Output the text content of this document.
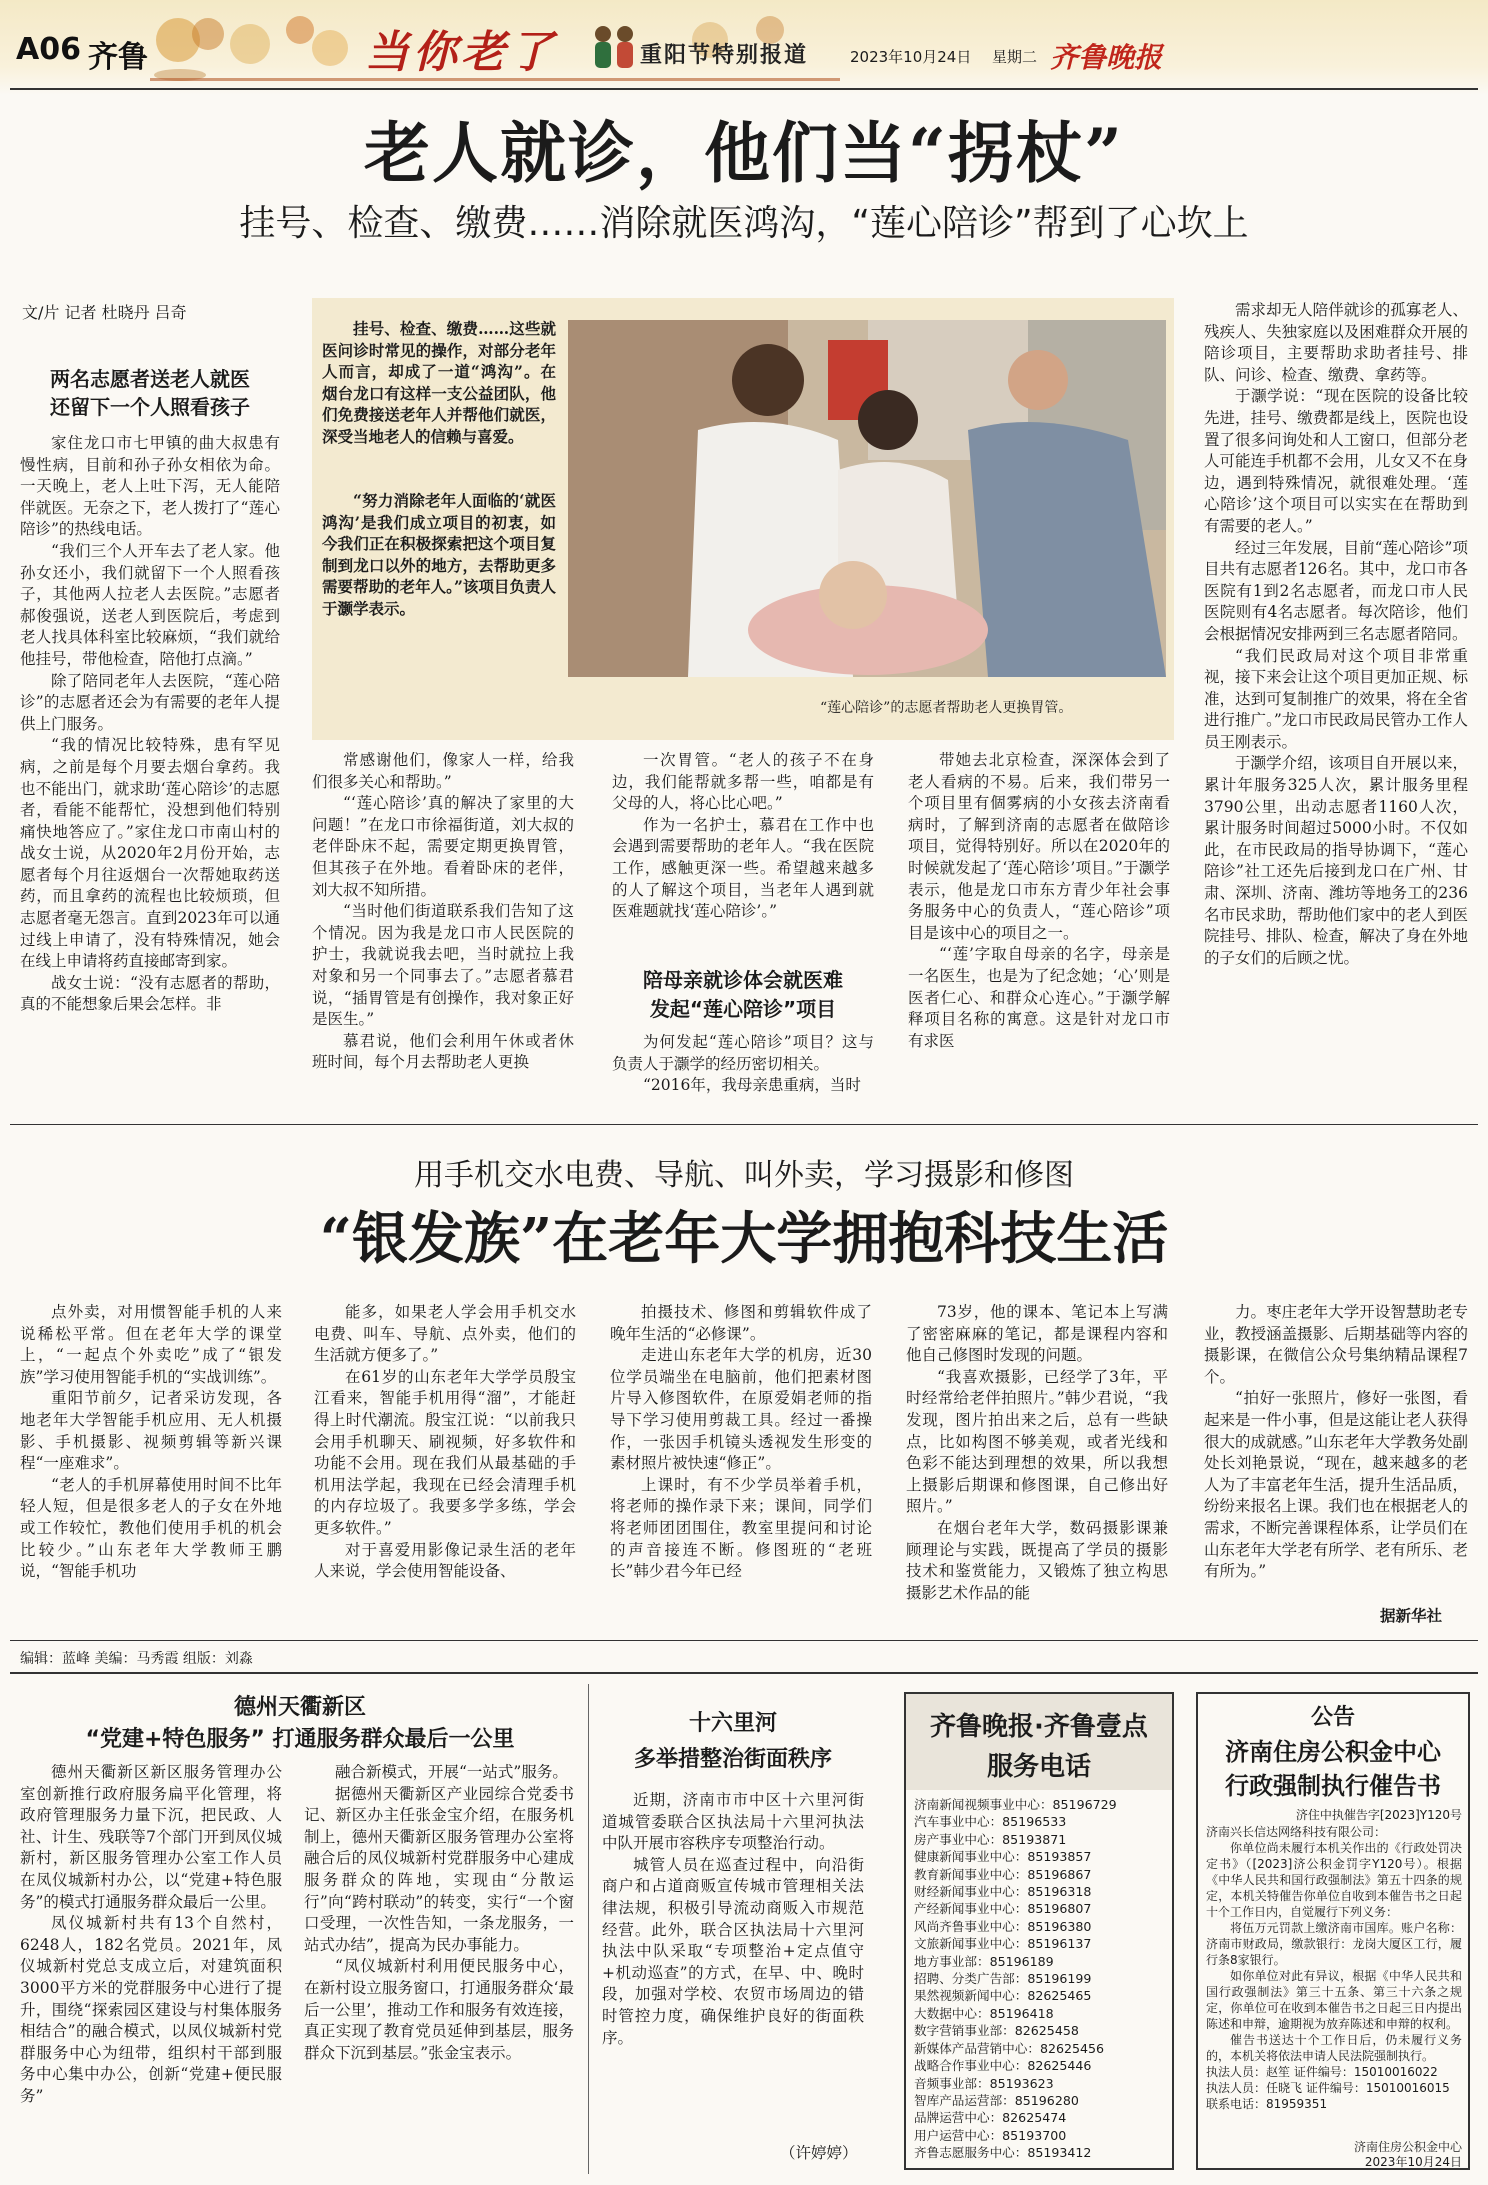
A06 齐鲁	当你老了	重阳节特别报道	2023年10月24日 星期二 齐鲁晚报
老人就诊，他们当“拐杖”
挂号、检查、缴费……消除就医鸿沟，“莲心陪诊”帮到了心坎上
文/片 记者 杜晓丹 吕奇
两名志愿者送老人就医
还留下一个人照看孩子

家住龙口市七甲镇的曲大叔患有慢性病，目前和孙子孙女相依为命。一天晚上，老人上吐下泻，无人能陪伴就医。无奈之下，老人拨打了“莲心陪诊”的热线电话。

“我们三个人开车去了老人家。他孙女还小，我们就留下一个人照看孩子，其他两人拉老人去医院。”志愿者郝俊强说，送老人到医院后，考虑到老人找具体科室比较麻烦，“我们就给他挂号，带他检查，陪他打点滴。”

除了陪同老年人去医院，“莲心陪诊”的志愿者还会为有需要的老年人提供上门服务。

“我的情况比较特殊，患有罕见病，之前是每个月要去烟台拿药。我也不能出门，就求助‘莲心陪诊’的志愿者，看能不能帮忙，没想到他们特别痛快地答应了。”家住龙口市南山村的战女士说，从2020年2月份开始，志愿者每个月往返烟台一次帮她取药送药，而且拿药的流程也比较烦琐，但志愿者毫无怨言。直到2023年可以通过线上申请了，没有特殊情况，她会在线上申请将药直接邮寄到家。

战女士说：“没有志愿者的帮助，真的不能想象后果会怎样。非

挂号、检查、缴费……这些就医问诊时常见的操作，对部分老年人而言，却成了一道“鸿沟”。在烟台龙口有这样一支公益团队，他们免费接送老年人并帮他们就医，深受当地老人的信赖与喜爱。

“努力消除老年人面临的‘就医鸿沟’是我们成立项目的初衷，如今我们正在积极探索把这个项目复制到龙口以外的地方，去帮助更多需要帮助的老年人。”该项目负责人于灏学表示。

“莲心陪诊”的志愿者帮助老人更换胃管。

常感谢他们，像家人一样，给我们很多关心和帮助。”

“‘莲心陪诊’真的解决了家里的大问题！”在龙口市徐福街道，刘大叔的老伴卧床不起，需要定期更换胃管，但其孩子在外地。看着卧床的老伴，刘大叔不知所措。

“当时他们街道联系我们告知了这个情况。因为我是龙口市人民医院的护士，我就说我去吧，当时就拉上我对象和另一个同事去了。”志愿者慕君说，“插胃管是有创操作，我对象正好是医生。”

慕君说，他们会利用午休或者休班时间，每个月去帮助老人更换

一次胃管。“老人的孩子不在身边，我们能帮就多帮一些，咱都是有父母的人，将心比心吧。”

作为一名护士，慕君在工作中也会遇到需要帮助的老年人。“我在医院工作，感触更深一些。希望越来越多的人了解这个项目，当老年人遇到就医难题就找‘莲心陪诊’。”

陪母亲就诊体会就医难
发起“莲心陪诊”项目

为何发起“莲心陪诊”项目？这与负责人于灏学的经历密切相关。

“2016年，我母亲患重病，当时

带她去北京检查，深深体会到了老人看病的不易。后来，我们带另一个项目里有個雾病的小女孩去济南看病时，了解到济南的志愿者在做陪诊项目，觉得特别好。所以在2020年的时候就发起了‘莲心陪诊’项目。”于灏学表示，他是龙口市东方青少年社会事务服务中心的负责人，“莲心陪诊”项目是该中心的项目之一。

“‘莲’字取自母亲的名字，母亲是一名医生，也是为了纪念她；‘心’则是医者仁心、和群众心连心。”于灏学解释项目名称的寓意。这是针对龙口市有求医

需求却无人陪伴就诊的孤寡老人、残疾人、失独家庭以及困难群众开展的陪诊项目，主要帮助求助者挂号、排队、问诊、检查、缴费、拿药等。

于灏学说：“现在医院的设备比较先进，挂号、缴费都是线上，医院也设置了很多问询处和人工窗口，但部分老人可能连手机都不会用，儿女又不在身边，遇到特殊情况，就很难处理。‘莲心陪诊’这个项目可以实实在在帮助到有需要的老人。”

经过三年发展，目前“莲心陪诊”项目共有志愿者126名。其中，龙口市各医院有1到2名志愿者，而龙口市人民医院则有4名志愿者。每次陪诊，他们会根据情况安排两到三名志愿者陪同。

“我们民政局对这个项目非常重视，接下来会让这个项目更加正规、标准，达到可复制推广的效果，将在全省进行推广。”龙口市民政局民管办工作人员王刚表示。

于灏学介绍，该项目自开展以来，累计年服务325人次，累计服务里程3790公里，出动志愿者1160人次，累计服务时间超过5000小时。不仅如此，在市民政局的指导协调下，“莲心陪诊”社工还先后接到龙口在广州、甘肃、深圳、济南、潍坊等地务工的236名市民求助，帮助他们家中的老人到医院挂号、排队、检查，解决了身在外地的子女们的后顾之忧。

用手机交水电费、导航、叫外卖，学习摄影和修图
“银发族”在老年大学拥抱科技生活

点外卖，对用惯智能手机的人来说稀松平常。但在老年大学的课堂上，“一起点个外卖吃”成了“银发族”学习使用智能手机的“实战训练”。

重阳节前夕，记者采访发现，各地老年大学智能手机应用、无人机摄影、手机摄影、视频剪辑等新兴课程“一座难求”。

“老人的手机屏幕使用时间不比年轻人短，但是很多老人的子女在外地或工作较忙，教他们使用手机的机会比较少。”山东老年大学教师王鹏说，“智能手机功

能多，如果老人学会用手机交水电费、叫车、导航、点外卖，他们的生活就方便多了。”

在61岁的山东老年大学学员殷宝江看来，智能手机用得“溜”，才能赶得上时代潮流。殷宝江说：“以前我只会用手机聊天、刷视频，好多软件和功能不会用。现在我们从最基础的手机用法学起，我现在已经会清理手机的内存垃圾了。我要多学多练，学会更多软件。”

对于喜爱用影像记录生活的老年人来说，学会使用智能设备、

拍摄技术、修图和剪辑软件成了晚年生活的“必修课”。

走进山东老年大学的机房，近30位学员端坐在电脑前，他们把素材图片导入修图软件，在原爱娟老师的指导下学习使用剪裁工具。经过一番操作，一张因手机镜头透视发生形变的素材照片被快速“修正”。

上课时，有不少学员举着手机，将老师的操作录下来；课间，同学们将老师团团围住，教室里提问和讨论的声音接连不断。修图班的“老班长”韩少君今年已经

73岁，他的课本、笔记本上写满了密密麻麻的笔记，都是课程内容和他自己修图时发现的问题。

“我喜欢摄影，已经学了3年，平时经常给老伴拍照片。”韩少君说，“我发现，图片拍出来之后，总有一些缺点，比如构图不够美观，或者光线和色彩不能达到理想的效果，所以我想上摄影后期课和修图课，自己修出好照片。”

在烟台老年大学，数码摄影课兼顾理论与实践，既提高了学员的摄影技术和鉴赏能力，又锻炼了独立构思摄影艺术作品的能

力。枣庄老年大学开设智慧助老专业，教授涵盖摄影、后期基础等内容的摄影课，在微信公众号集纳精品课程7个。

“拍好一张照片，修好一张图，看起来是一件小事，但是这能让老人获得很大的成就感。”山东老年大学教务处副处长刘艳景说，“现在，越来越多的老人为了丰富老年生活，提升生活品质，纷纷来报名上课。我们也在根据老人的需求，不断完善课程体系，让学员们在山东老年大学老有所学、老有所乐、老有所为。”

据新华社
编辑：蓝峰 美编：马秀霞 组版：刘淼
德州天衢新区
“党建+特色服务” 打通服务群众最后一公里

德州天衢新区新区服务管理办公室创新推行政府服务扁平化管理，将政府管理服务力量下沉，把民政、人社、计生、残联等7个部门开到凤仪城新村，新区服务管理办公室工作人员在凤仪城新村办公，以“党建+特色服务”的模式打通服务群众最后一公里。

凤仪城新村共有13个自然村，6248人，182名党员。2021年，凤仪城新村党总支成立后，对建筑面积3000平方米的党群服务中心进行了提升，围绕“探索园区建设与村集体服务相结合”的融合模式，以凤仪城新村党群服务中心为纽带，组织村干部到服务中心集中办公，创新“党建+便民服务”

融合新模式，开展“一站式”服务。

据德州天衢新区产业园综合党委书记、新区办主任张金宝介绍，在服务机制上，德州天衢新区服务管理办公室将融合后的凤仪城新村党群服务中心建成服务群众的阵地，实现由“分散运行”向“跨村联动”的转变，实行“一个窗口受理，一次性告知，一条龙服务，一站式办结”，提高为民办事能力。

“凤仪城新村利用便民服务中心，在新村设立服务窗口，打通服务群众‘最后一公里’，推动工作和服务有效连接，真正实现了教育党员延伸到基层，服务群众下沉到基层。”张金宝表示。

十六里河
多举措整治街面秩序

近期，济南市市中区十六里河街道城管委联合区执法局十六里河执法中队开展市容秩序专项整治行动。

城管人员在巡查过程中，向沿街商户和占道商贩宣传城市管理相关法律法规，积极引导流动商贩入市规范经营。此外，联合区执法局十六里河执法中队采取“专项整治+定点值守+机动巡查”的方式，在早、中、晚时段，加强对学校、农贸市场周边的错时管控力度，确保维护良好的街面秩序。

（许婷婷）
齐鲁晚报·齐鲁壹点
服务电话
济南新闻视频事业中心：85196729
汽车事业中心：85196533
房产事业中心：85193871
健康新闻事业中心：85193857
教育新闻事业中心：85196867
财经新闻事业中心：85196318
产经新闻事业中心：85196807
风尚齐鲁事业中心：85196380
文旅新闻事业中心：85196137
地方事业部：85196189
招聘、分类广告部：85196199
果然视频新闻中心：82625465
大数据中心：85196418
数字营销事业部：82625458
新媒体产品营销中心：82625456
战略合作事业中心：82625446
音频事业部：85193623
智库产品运营部：85196280
品牌运营中心：82625474
用户运营中心：85193700
齐鲁志愿服务中心：85193412
公告
济南住房公积金中心
行政强制执行催告书
济住中执催告字[2023]Y120号
济南兴长信达网络科技有限公司：
你单位尚未履行本机关作出的《行政处罚决定书》（[2023]济公积金罚字Y120号）。根据《中华人民共和国行政强制法》第五十四条的规定，本机关特催告你单位自收到本催告书之日起十个工作日内，自觉履行下列义务：
将伍万元罚款上缴济南市国库。账户名称：济南市财政局，缴款银行：龙岗大厦区工行，履行条8家银行。
如你单位对此有异议，根据《中华人民共和国行政强制法》第三十五条、第三十六条之规定，你单位可在收到本催告书之日起三日内提出陈述和申辩，逾期视为放弃陈述和申辩的权利。
催告书送达十个工作日后，仍未履行义务的，本机关将依法申请人民法院强制执行。
执法人员：赵笙 证件编号：15010016022
执法人员：任晓飞 证件编号：15010016015
联系电话：81959351
济南住房公积金中心
2023年10月24日
